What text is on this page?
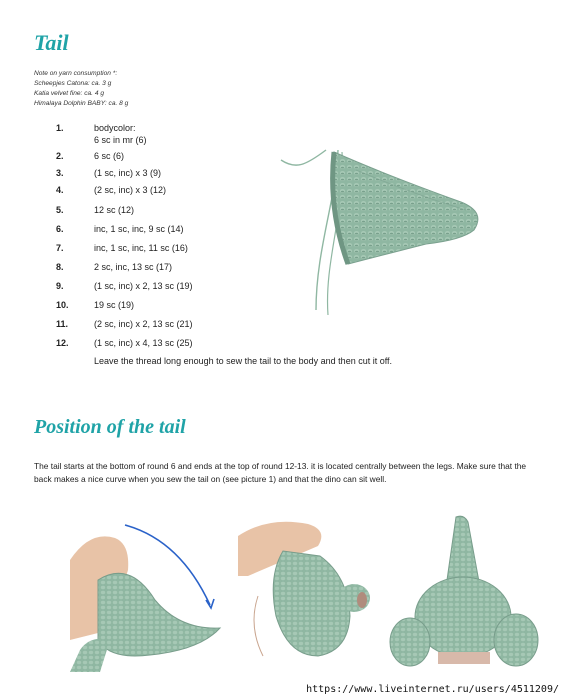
Tail
Note on yarn consumption *:
Scheepjes Catona: ca. 3 g
Katia velvet fine: ca. 4 g
Himalaya Dolphin BABY: ca. 8 g
1.	bodycolor:
6 sc in mr (6)
2.	6 sc (6)
3.	(1 sc, inc) x 3 (9)
4.	(2 sc, inc) x 3 (12)
5.	12 sc (12)
6.	inc, 1 sc, inc, 9 sc (14)
7.	inc, 1 sc, inc, 11 sc (16)
8.	2 sc, inc, 13 sc (17)
9.	(1 sc, inc) x 2, 13 sc (19)
10.	19 sc (19)
11.	(2 sc, inc) x 2, 13 sc (21)
12.	(1 sc, inc) x 4, 13 sc (25)
Leave the thread long enough to sew the tail to the body and then cut it off.
Position of the tail

The tail starts at the bottom of round 6 and ends at the top of round 12-13. it is located centrally between the legs. Make sure that the back makes a nice curve when you sew the tail on (see picture 1) and that the dino can sit well.

https://www.liveinternet.ru/users/4511209/
